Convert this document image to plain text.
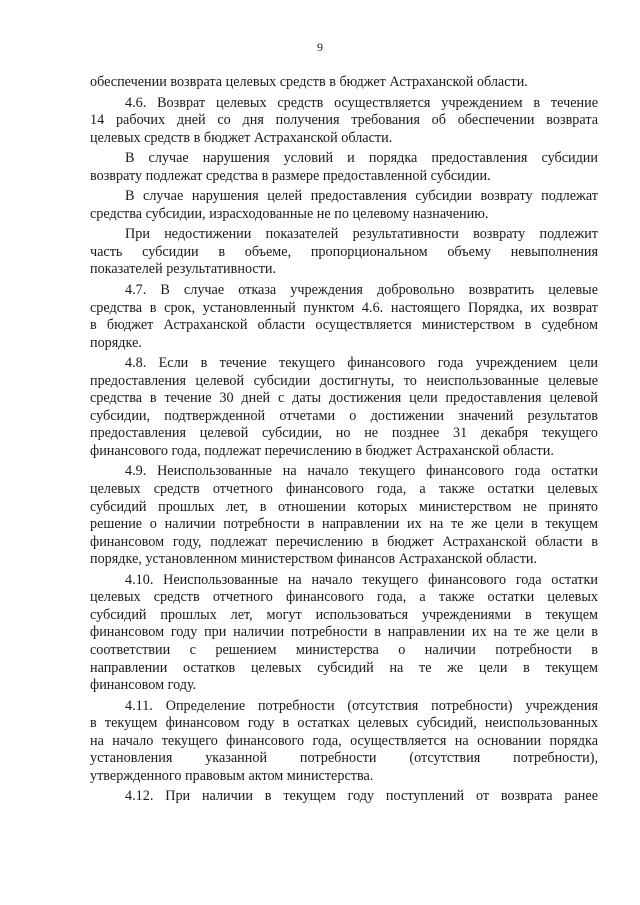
9
обеспечении возврата целевых средств в бюджет Астраханской области.
4.6. Возврат целевых средств осуществляется учреждением в течение
14 рабочих дней со дня получения требования об обеспечении возврата
целевых средств в бюджет Астраханской области.
В случае нарушения условий и порядка предоставления субсидии
возврату подлежат средства в размере предоставленной субсидии.
В случае нарушения целей предоставления субсидии возврату подлежат
средства субсидии, израсходованные не по целевому назначению.
При недостижении показателей результативности возврату подлежит
часть субсидии в объеме, пропорциональном объему невыполнения
показателей результативности.
4.7. В случае отказа учреждения добровольно возвратить целевые
средства в срок, установленный пунктом 4.6. настоящего Порядка, их возврат
в бюджет Астраханской области осуществляется министерством в судебном
порядке.
4.8. Если в течение текущего финансового года учреждением цели
предоставления целевой субсидии достигнуты, то неиспользованные целевые
средства в течение 30 дней с даты достижения цели предоставления целевой
субсидии, подтвержденной отчетами о достижении значений результатов
предоставления целевой субсидии, но не позднее 31 декабря текущего
финансового года, подлежат перечислению в бюджет Астраханской области.
4.9. Неиспользованные на начало текущего финансового года остатки
целевых средств отчетного финансового года, а также остатки целевых
субсидий прошлых лет, в отношении которых министерством не принято
решение о наличии потребности в направлении их на те же цели в текущем
финансовом году, подлежат перечислению в бюджет Астраханской области в
порядке, установленном министерством финансов Астраханской области.
4.10. Неиспользованные на начало текущего финансового года остатки
целевых средств отчетного финансового года, а также остатки целевых
субсидий прошлых лет, могут использоваться учреждениями в текущем
финансовом году при наличии потребности в направлении их на те же цели в
соответствии с решением министерства о наличии потребности в
направлении остатков целевых субсидий на те же цели в текущем
финансовом году.
4.11. Определение потребности (отсутствия потребности) учреждения
в текущем финансовом году в остатках целевых субсидий, неиспользованных
на начало текущего финансового года, осуществляется на основании порядка
установления указанной потребности (отсутствия потребности),
утвержденного правовым актом министерства.
4.12. При наличии в текущем году поступлений от возврата ранее
